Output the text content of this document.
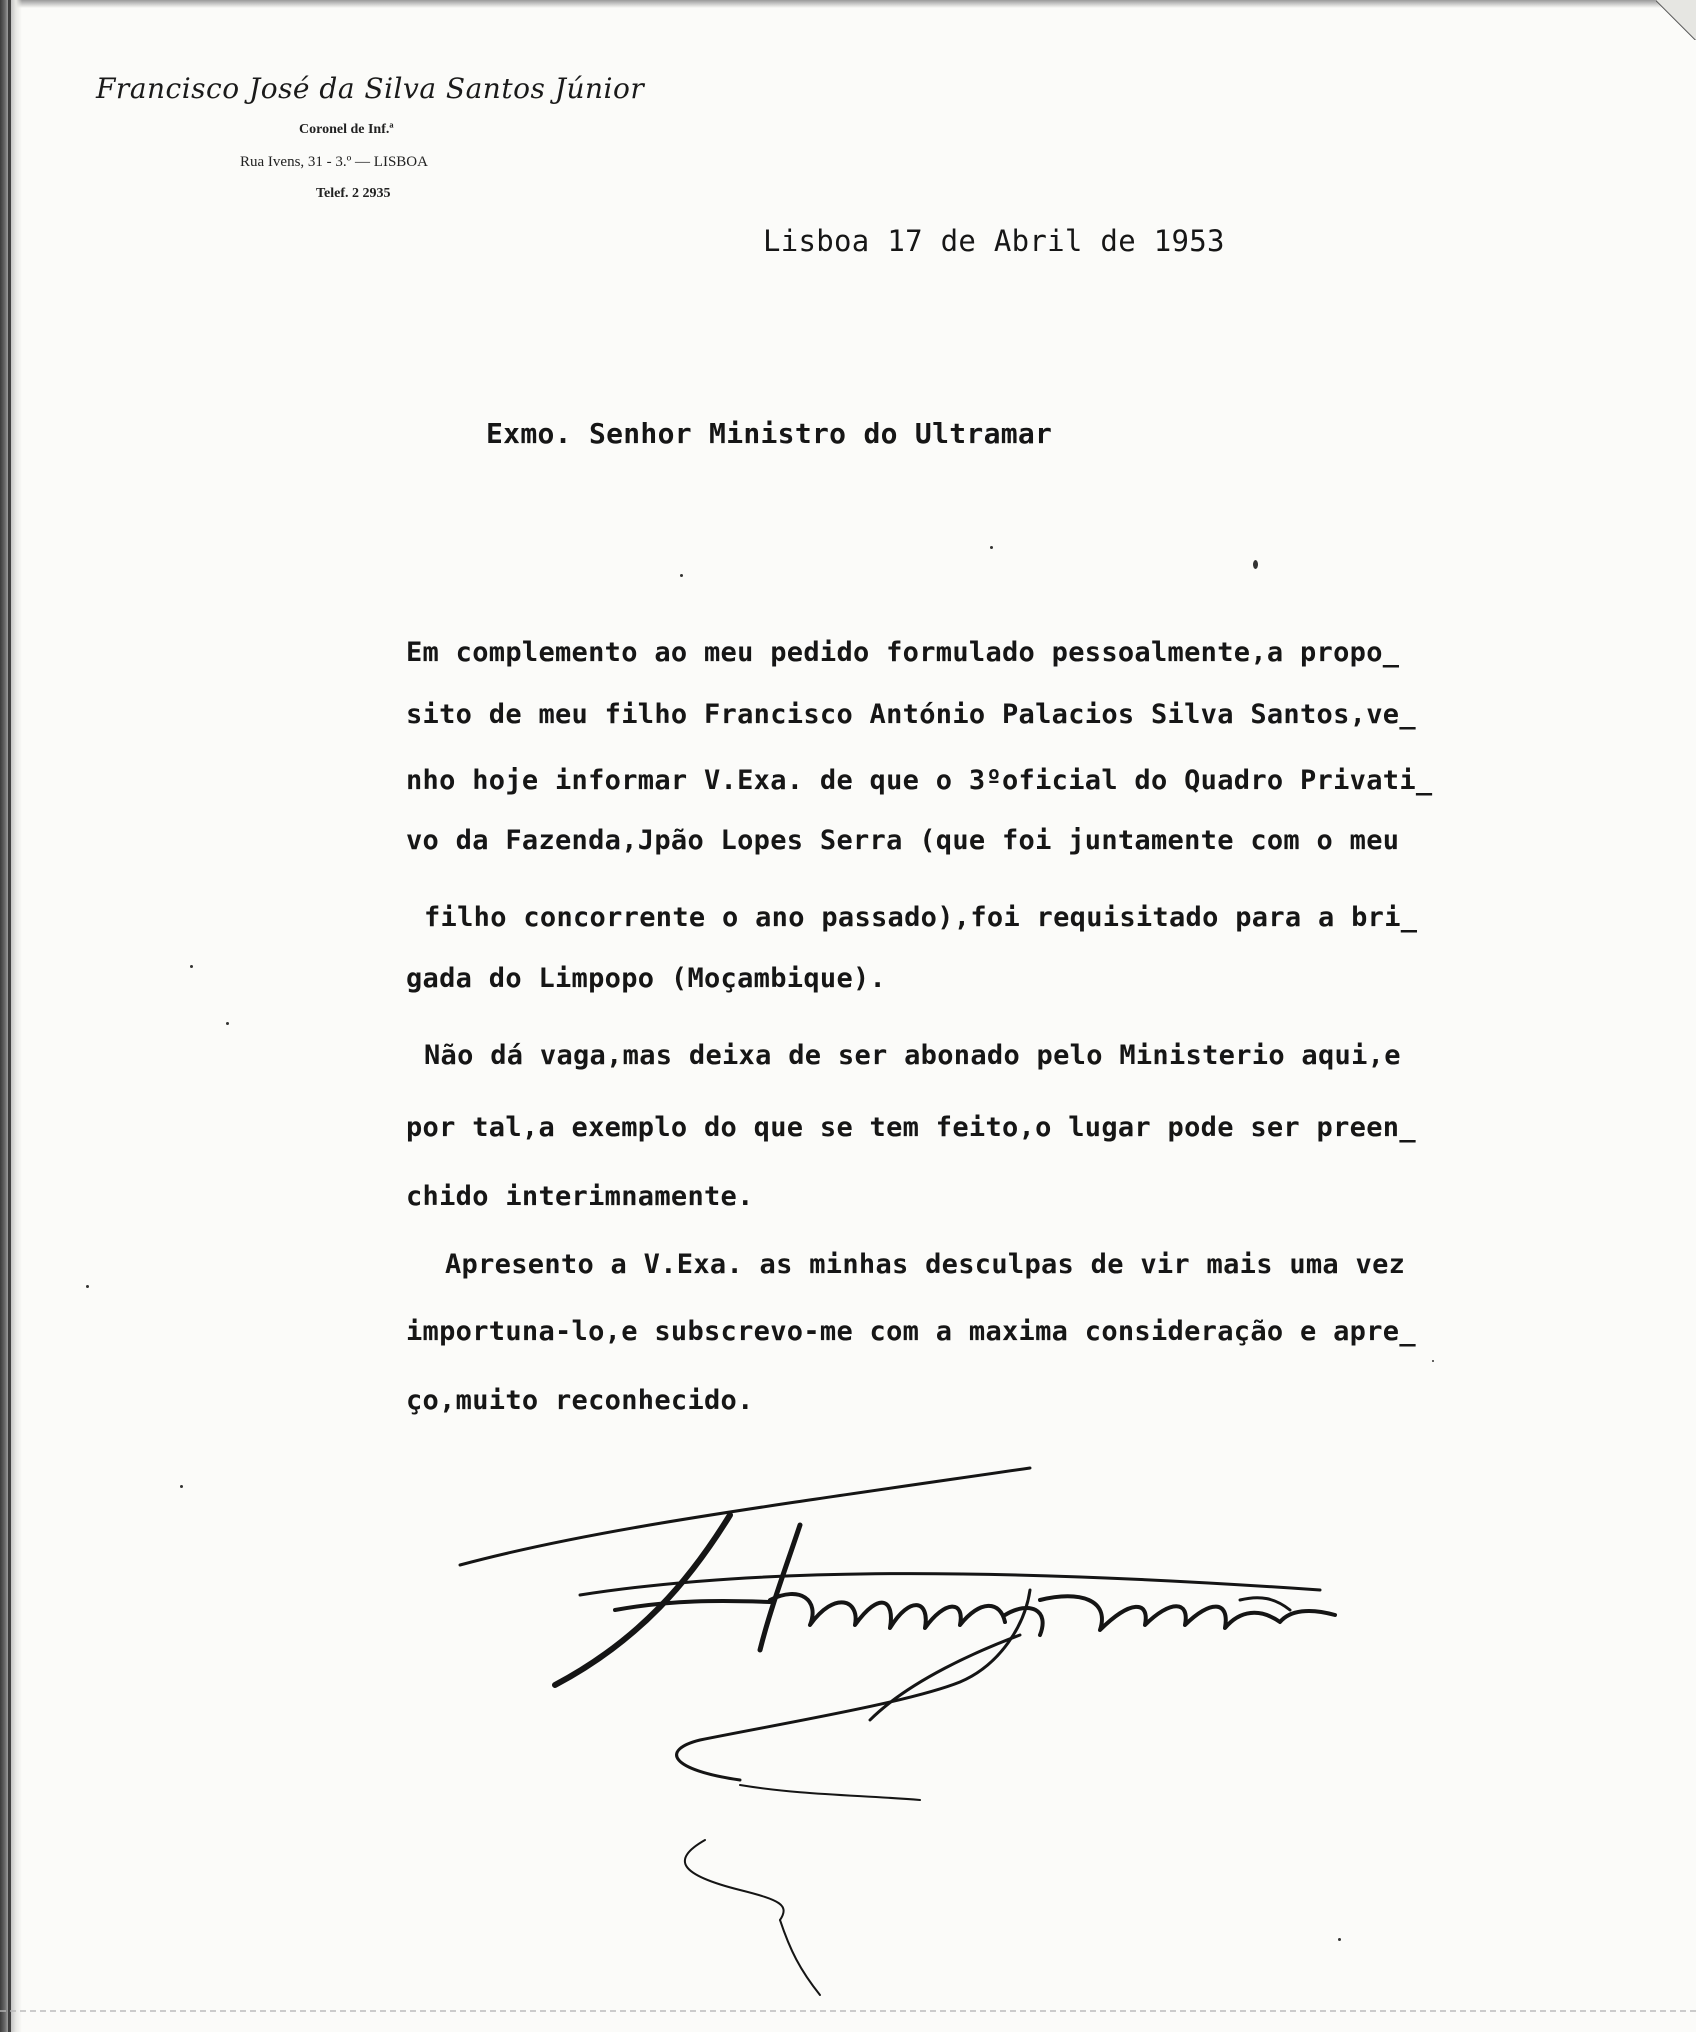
Francisco José da Silva Santos Júnior
Coronel de Inf.ª
Rua Ivens, 31 - 3.º — LISBOA
Telef. 2 2935
Lisboa 17 de Abril de 1953
Exmo. Senhor Ministro do Ultramar
Em complemento ao meu pedido formulado pessoalmente,a propo_
sito de meu filho Francisco António Palacios Silva Santos,ve_
nho hoje informar V.Exa. de que o 3ºoficial do Quadro Privati_
vo da Fazenda,Jpão Lopes Serra (que foi juntamente com o meu
filho concorrente o ano passado),foi requisitado para a bri_
gada do Limpopo (Moçambique).
Não dá vaga,mas deixa de ser abonado pelo Ministerio aqui,e
por tal,a exemplo do que se tem feito,o lugar pode ser preen_
chido interimnamente.
Apresento a V.Exa. as minhas desculpas de vir mais uma vez
importuna-lo,e subscrevo-me com a maxima consideração e apre_
ço,muito reconhecido.
